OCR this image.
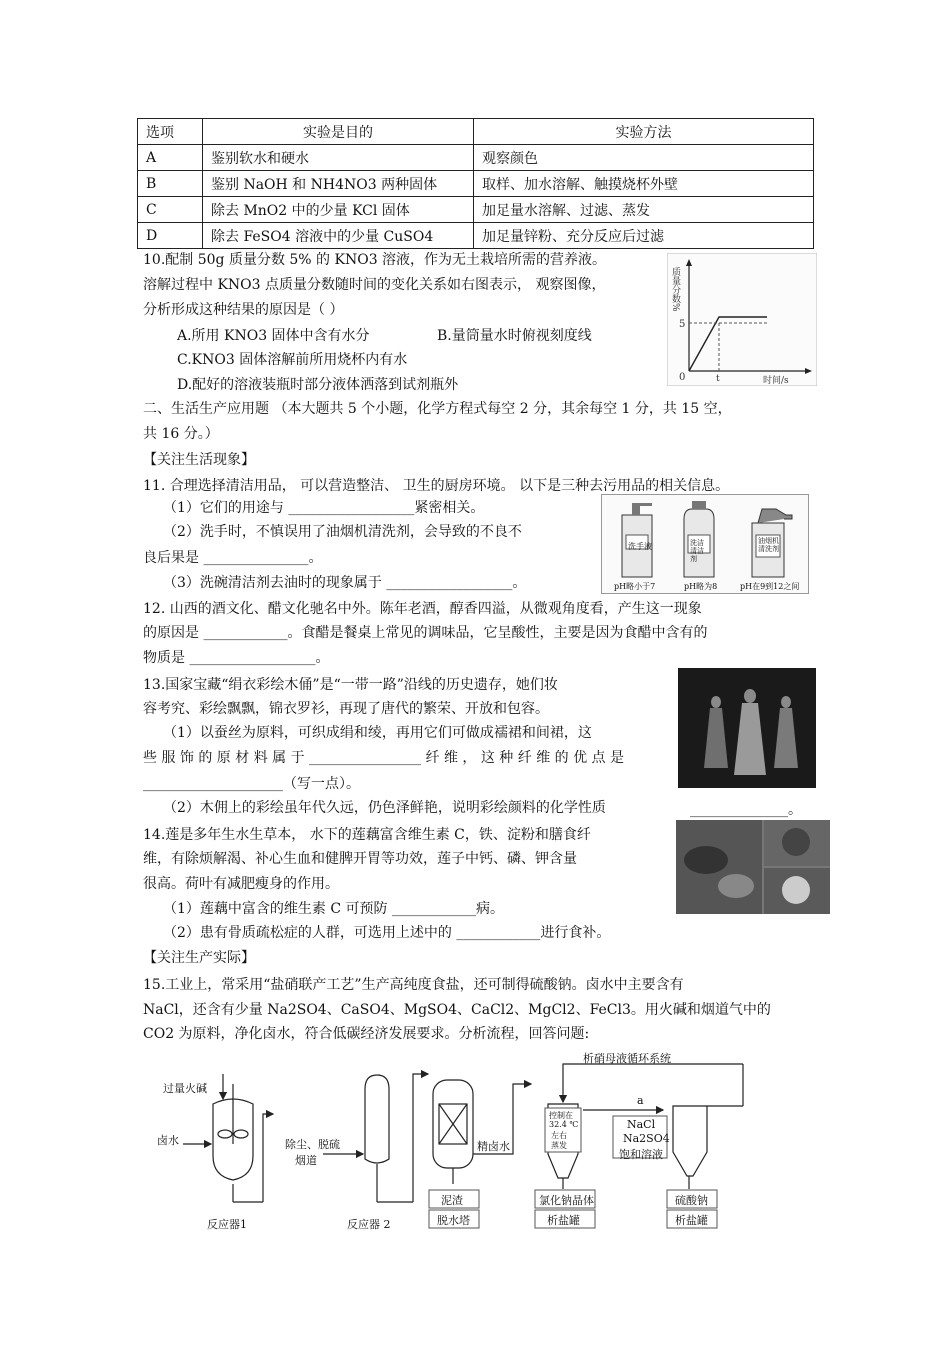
选项	实验是目的	实验方法
A	鉴别软水和硬水	观察颜色
B	鉴别 NaOH 和 NH4NO3 两种固体	取样、加水溶解、触摸烧杯外壁
C	除去 MnO2 中的少量 KCl 固体	加足量水溶解、过滤、蒸发
D	除去 FeSO4 溶液中的少量 CuSO4	加足量锌粉、充分反应后过滤
10.配制 50g 质量分数 5% 的 KNO3 溶液，作为无土栽培所需的营养液。
溶解过程中 KNO3 点质量分数随时间的变化关系如右图表示， 观察图像，
分析形成这种结果的原因是（ ）
A.所用 KNO3 固体中含有水分	B.量筒量水时俯视刻度线
C.KNO3 固体溶解前所用烧杯内有水
D.配好的溶液装瓶时部分液体洒落到试剂瓶外
质量分数%
5
0	t	时间/s
二、生活生产应用题 （本大题共 5 个小题，化学方程式每空 2 分，其余每空 1 分，共 15 空，
共 16 分。）
【关注生活现象】
11. 合理选择清洁用品， 可以营造整洁、 卫生的厨房环境。 以下是三种去污用品的相关信息。
（1）它们的用途与 __________________紧密相关。
（2）洗手时，不慎误用了油烟机清洗剂，会导致的不良不
良后果是 _______________。
（3）洗碗清洁剂去油时的现象属于 __________________。
洗手液	洗洁清洁剂
油烟机清洗剂
pH略小于7	pH略为8	pH在9到12之间
12. 山西的酒文化、醋文化驰名中外。陈年老酒，醇香四溢，从微观角度看，产生这一现象
的原因是 ____________。食醋是餐桌上常见的调味品，它呈酸性，主要是因为食醋中含有的
物质是 __________________。
13.国家宝藏“绢衣彩绘木俑”是“一带一路”沿线的历史遗存，她们妆
容考究、彩绘飘飘，锦衣罗衫，再现了唐代的繁荣、开放和包容。
（1）以蚕丝为原料，可织成绢和绫，再用它们可做成襦裙和间裙，这
些 服 饰 的 原 材 料 属 于 ________________ 纤 维 ， 这 种 纤 维 的 优 点 是
____________________（写一点）。
（2）木佣上的彩绘虽年代久远，仍色泽鲜艳，说明彩绘颜料的化学性质	______________。
14.莲是多年生水生草本， 水下的莲藕富含维生素 C，铁、淀粉和膳食纤
维，有除烦解渴、补心生血和健脾开胃等功效，莲子中钙、磷、钾含量
很高。荷叶有减肥瘦身的作用。
（1）莲藕中富含的维生素 C 可预防 ____________病。
（2）患有骨质疏松症的人群，可选用上述中的 ____________进行食补。
【关注生产实际】
15.工业上，常采用“盐硝联产工艺”生产高纯度食盐，还可制得硫酸钠。卤水中主要含有
NaCl，还含有少量 Na2SO4、CaSO4、MgSO4、CaCl2、MgCl2、FeCl3。用火碱和烟道气中的
CO2 为原料，净化卤水，符合低碳经济发展要求。分析流程，回答问题:
析硝母液循环系统
过量火碱
卤水	除尘、脱硫
烟道
精卤水
泥渣
控制在
32.4 ℃
左右
蒸发
NaCl
Na2SO4
饱和溶液
a
氯化钠晶体	硫酸钠
反应器1	反应器 2	脱水塔	析盐罐	析盐罐
